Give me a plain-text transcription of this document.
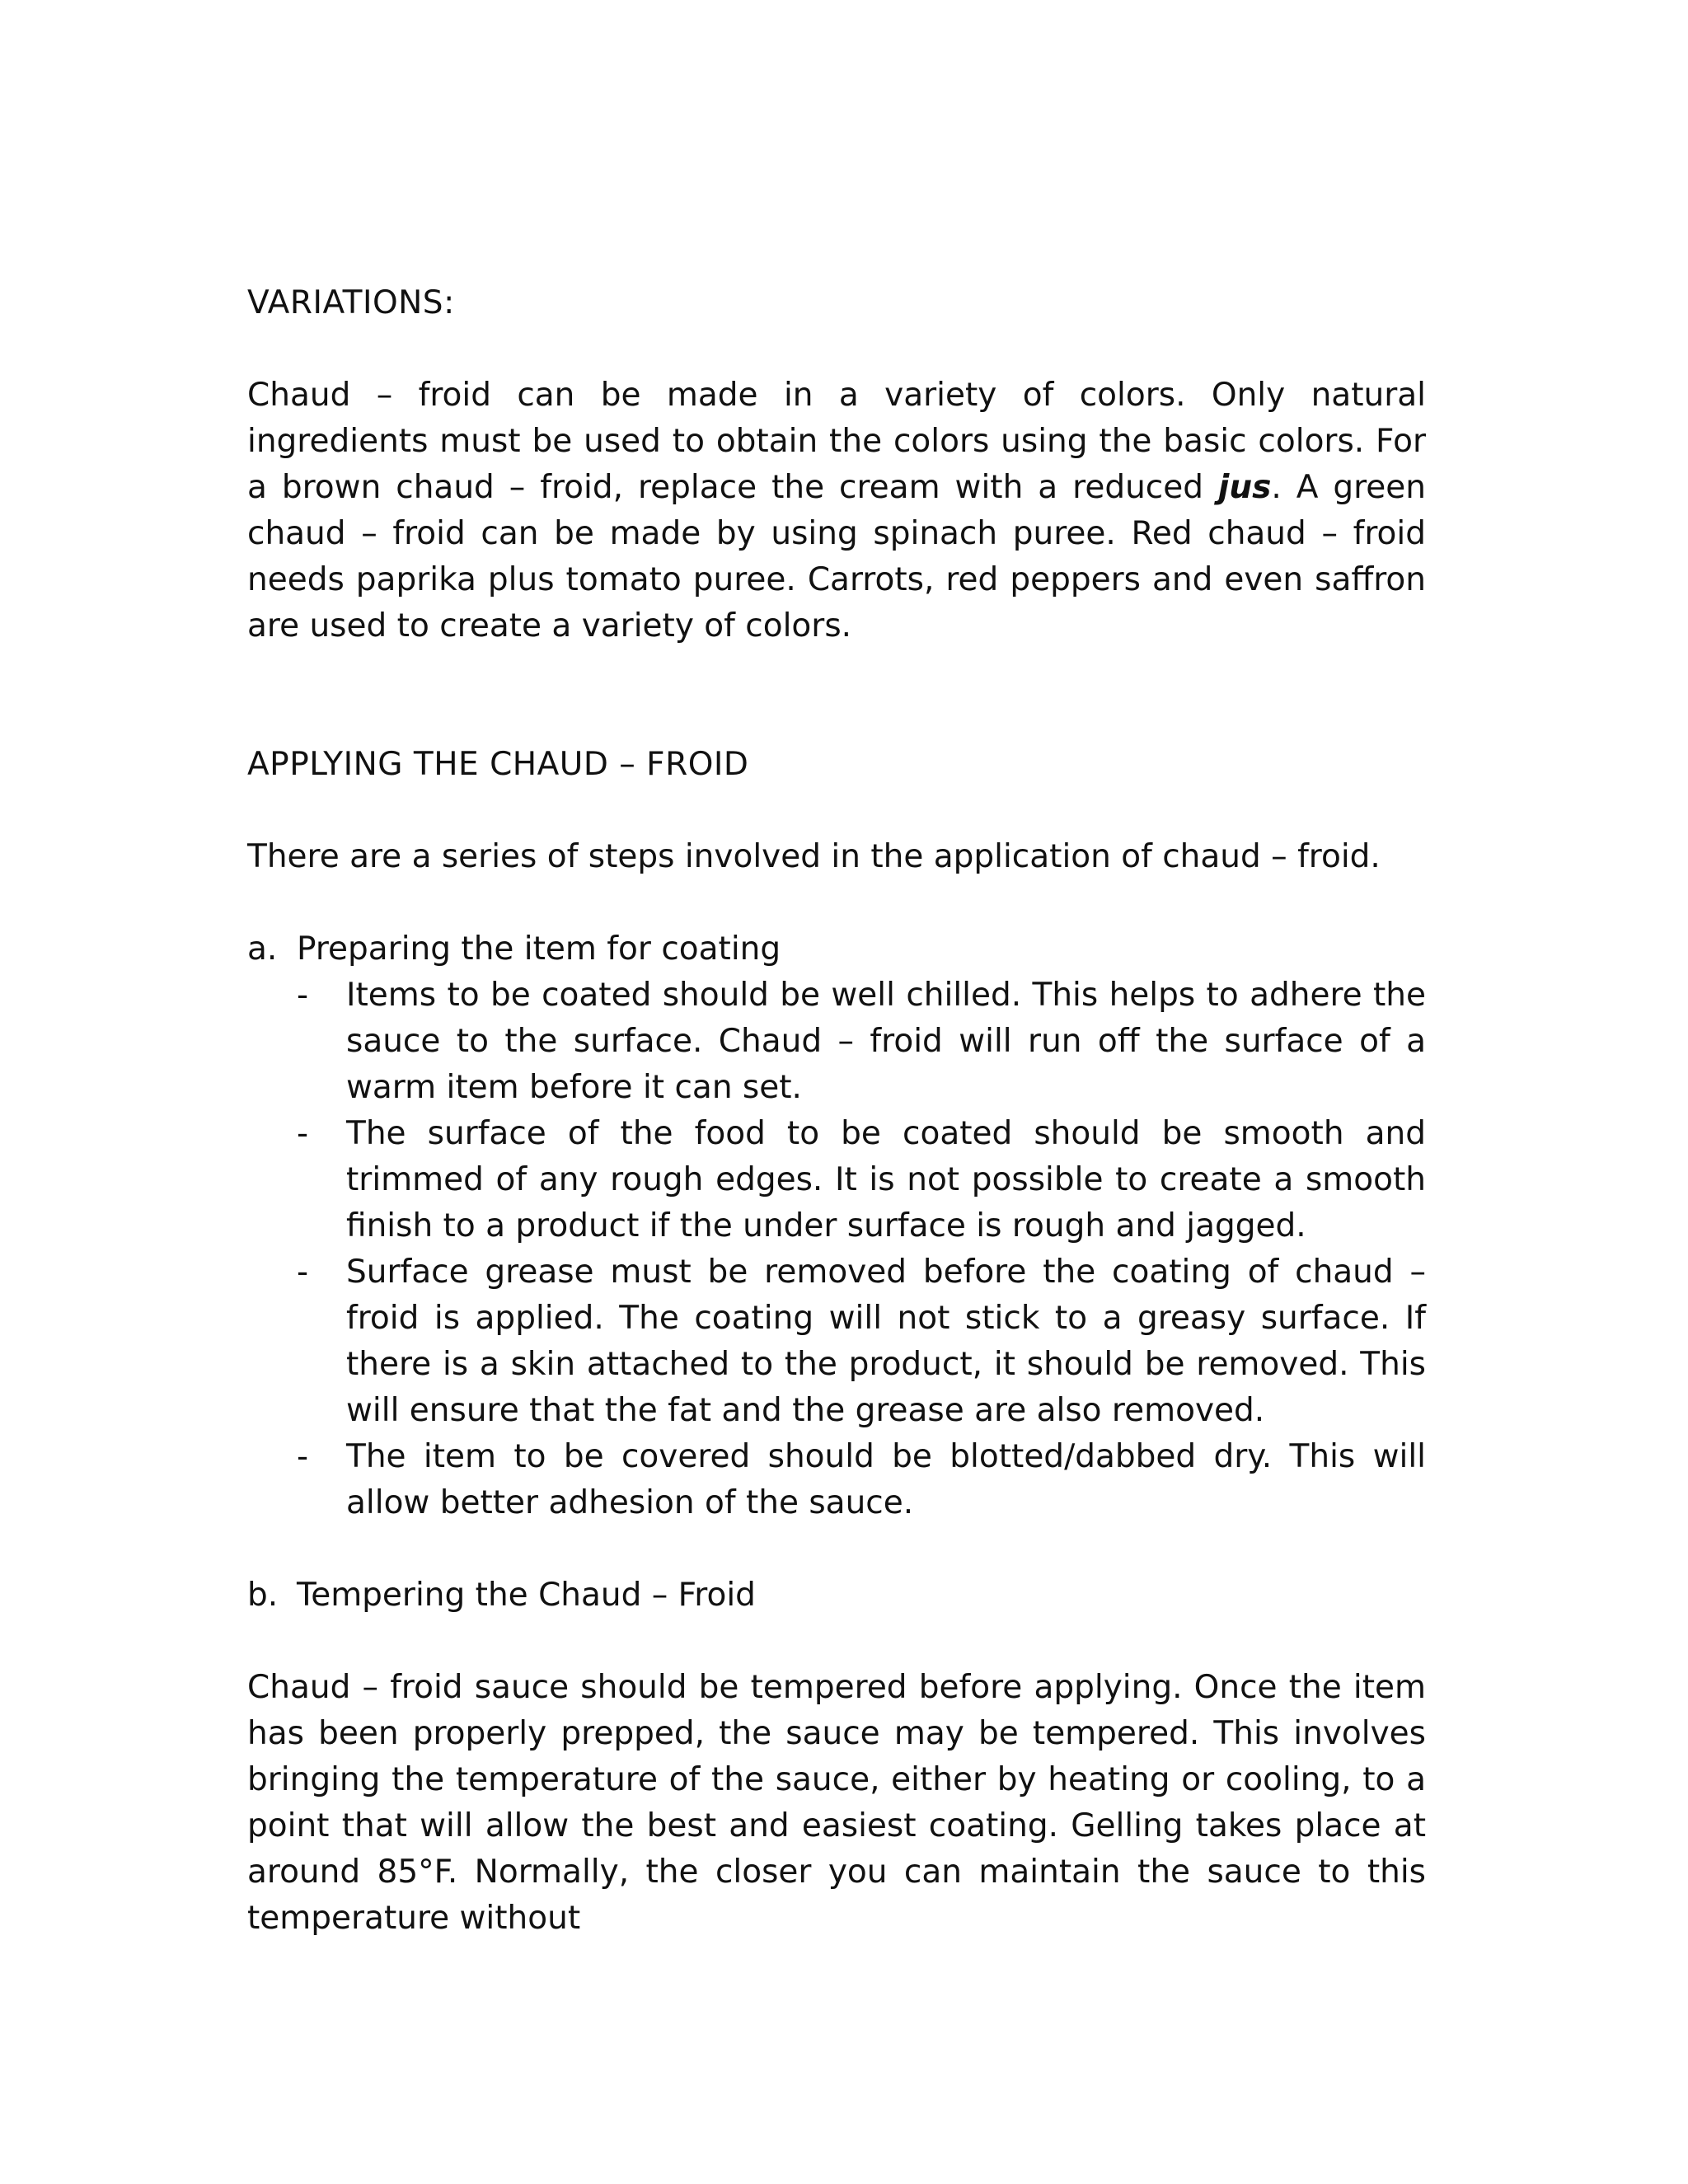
VARIATIONS:

Chaud – froid can be made in a variety of colors. Only natural ingredients must be used to obtain the colors using the basic colors. For a brown chaud – froid, replace the cream with a reduced jus. A green chaud – froid can be made by using spinach puree. Red chaud – froid needs paprika plus tomato puree. Carrots, red peppers and even saffron are used to create a variety of colors.

APPLYING THE CHAUD – FROID

There are a series of steps involved in the application of chaud – froid.

a. Preparing the item for coating
-	Items to be coated should be well chilled. This helps to adhere the sauce to the surface. Chaud – froid will run off the surface of a warm item before it can set.
-	The surface of the food to be coated should be smooth and trimmed of any rough edges. It is not possible to create a smooth finish to a product if the under surface is rough and jagged.
-	Surface grease must be removed before the coating of chaud – froid is applied. The coating will not stick to a greasy surface. If there is a skin attached to the product, it should be removed. This will ensure that the fat and the grease are also removed.
-	The item to be covered should be blotted/dabbed dry. This will allow better adhesion of the sauce.
b. Tempering the Chaud – Froid

Chaud – froid sauce should be tempered before applying. Once the item has been properly prepped, the sauce may be tempered. This involves bringing the temperature of the sauce, either by heating or cooling, to a point that will allow the best and easiest coating. Gelling takes place at around 85°F. Normally, the closer you can maintain the sauce to this temperature without
